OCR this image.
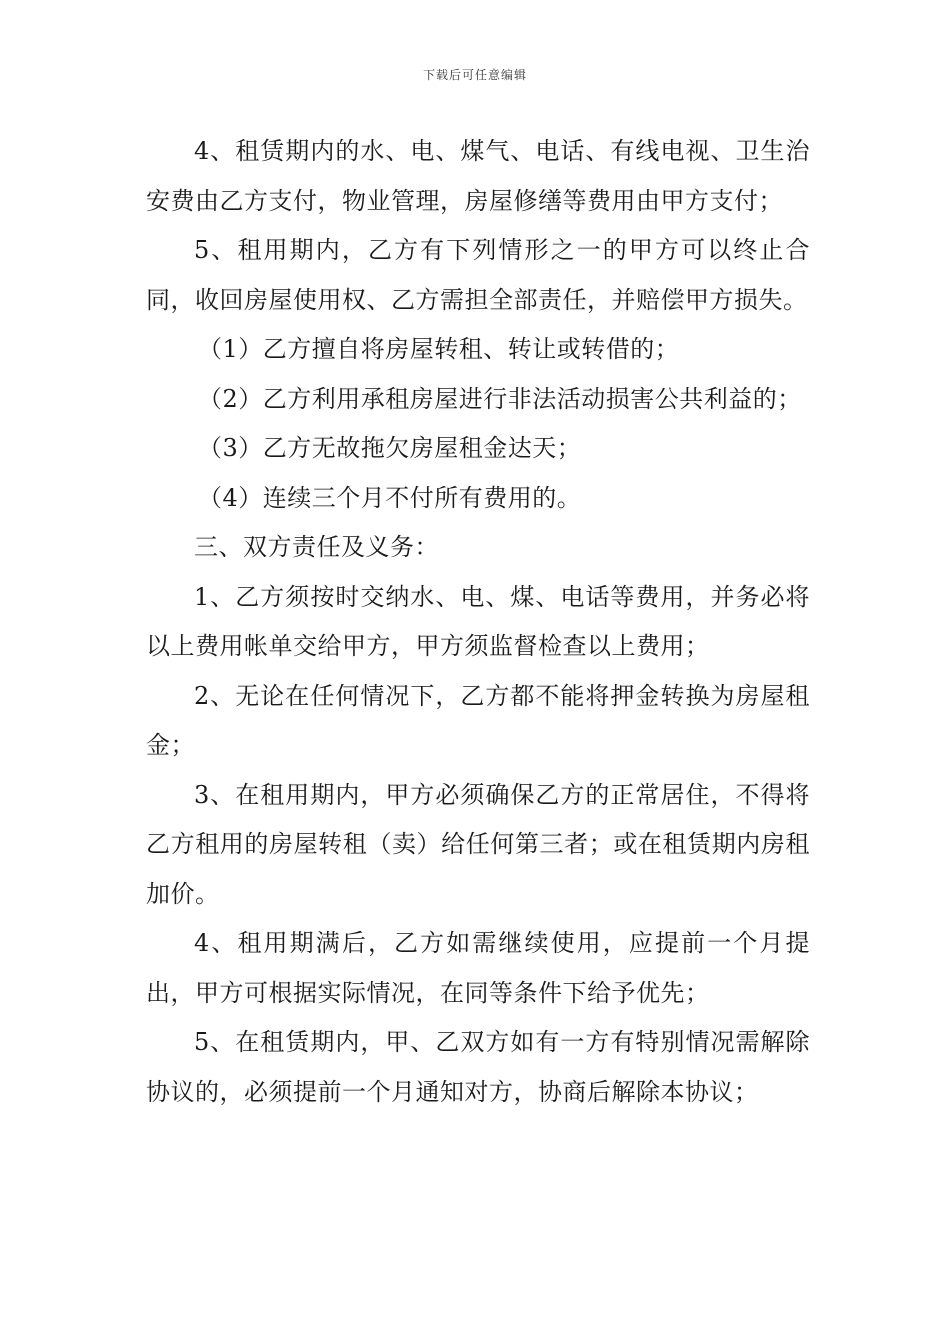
下载后可任意编辑

4、租赁期内的水、电、煤气、电话、有线电视、卫生治安费由乙方支付，物业管理，房屋修缮等费用由甲方支付；

5、租用期内，乙方有下列情形之一的甲方可以终止合同，收回房屋使用权、乙方需担全部责任，并赔偿甲方损失。

（1）乙方擅自将房屋转租、转让或转借的；

（2）乙方利用承租房屋进行非法活动损害公共利益的；

（3）乙方无故拖欠房屋租金达天；

（4）连续三个月不付所有费用的。

三、双方责任及义务：

1、乙方须按时交纳水、电、煤、电话等费用，并务必将以上费用帐单交给甲方，甲方须监督检查以上费用；

2、无论在任何情况下，乙方都不能将押金转换为房屋租金；

3、在租用期内，甲方必须确保乙方的正常居住，不得将乙方租用的房屋转租（卖）给任何第三者；或在租赁期内房租加价。

4、租用期满后，乙方如需继续使用，应提前一个月提出，甲方可根据实际情况，在同等条件下给予优先；

5、在租赁期内，甲、乙双方如有一方有特别情况需解除协议的，必须提前一个月通知对方，协商后解除本协议；
